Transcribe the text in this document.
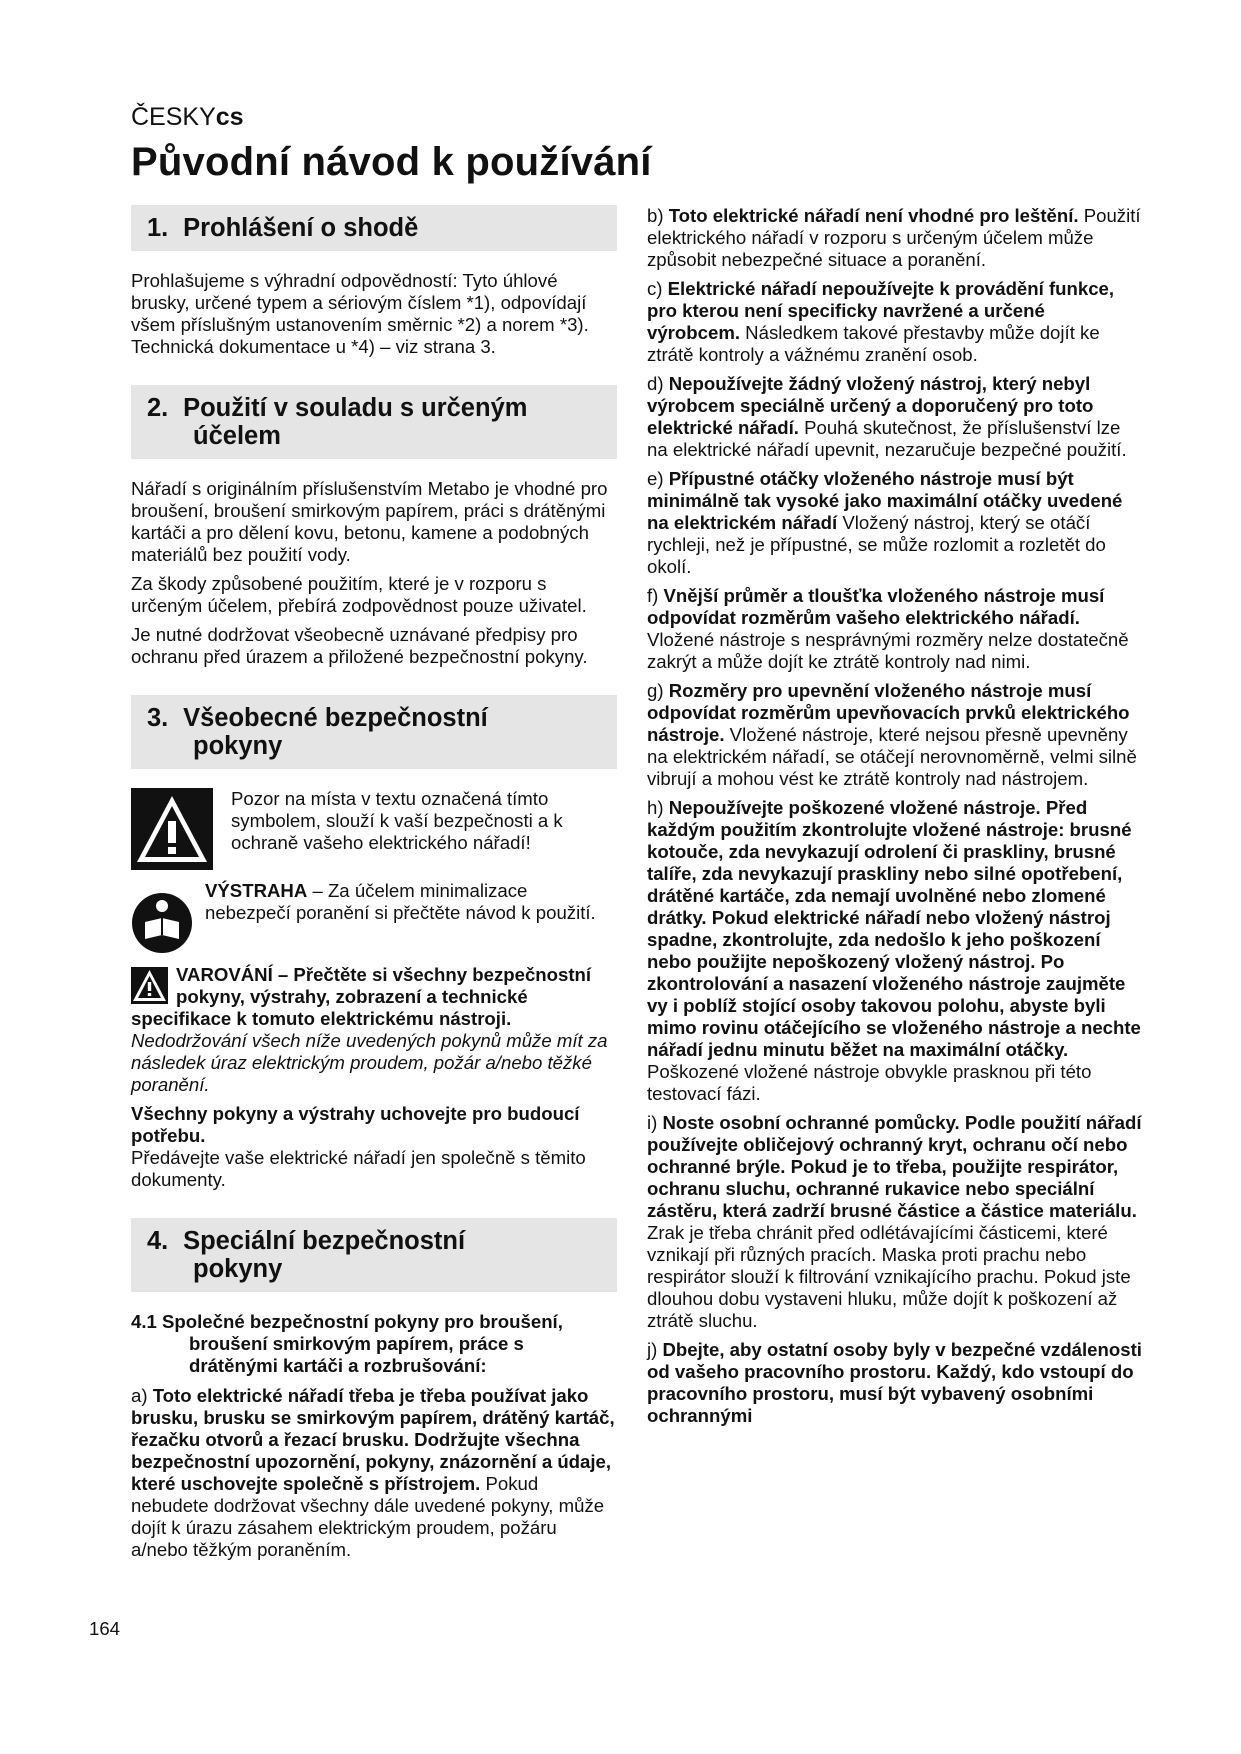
ČESKYcs
Původní návod k používání
1. Prohlášení o shodě

Prohlašujeme s výhradní odpovědností: Tyto úhlové brusky, určené typem a sériovým číslem *1), odpovídají všem příslušným ustanovením směrnic *2) a norem *3). Technická dokumentace u *4) – viz strana 3.

2. Použití v souladu s určeným
účelem

Nářadí s originálním příslušenstvím Metabo je vhodné pro broušení, broušení smirkovým papírem, práci s drátěnými kartáči a pro dělení kovu, betonu, kamene a podobných materiálů bez použití vody.

Za škody způsobené použitím, které je v rozporu s určeným účelem, přebírá zodpovědnost pouze uživatel.

Je nutné dodržovat všeobecně uznávané předpisy pro ochranu před úrazem a přiložené bezpečnostní pokyny.

3. Všeobecné bezpečnostní
pokyny
Pozor na místa v textu označená tímto symbolem, slouží k vaší bezpečnosti a k ochraně vašeho elektrického nářadí!
VÝSTRAHA – Za účelem minimalizace nebezpečí poranění si přečtěte návod k použití.

VAROVÁNÍ – Přečtěte si všechny bezpečnostní pokyny, výstrahy, zobrazení a technické specifikace k tomuto elektrickému nástroji. Nedodržování všech níže uvedených pokynů může mít za následek úraz elektrickým proudem, požár a/nebo těžké poranění.

Všechny pokyny a výstrahy uchovejte pro budoucí potřebu.
Předávejte vaše elektrické nářadí jen společně s těmito dokumenty.

4. Speciální bezpečnostní
pokyny

4.1 Společné bezpečnostní pokyny pro broušení, broušení smirkovým papírem, práce s drátěnými kartáči a rozbrušování:

a) Toto elektrické nářadí třeba je třeba používat jako brusku, brusku se smirkovým papírem, drátěný kartáč, řezačku otvorů a řezací brusku. Dodržujte všechna bezpečnostní upozornění, pokyny, znázornění a údaje, které uschovejte společně s přístrojem. Pokud nebudete dodržovat všechny dále uvedené pokyny, může dojít k úrazu zásahem elektrickým proudem, požáru a/nebo těžkým poraněním.

b) Toto elektrické nářadí není vhodné pro leštění. Použití elektrického nářadí v rozporu s určeným účelem může způsobit nebezpečné situace a poranění.

c) Elektrické nářadí nepoužívejte k provádění funkce, pro kterou není specificky navržené a určené výrobcem. Následkem takové přestavby může dojít ke ztrátě kontroly a vážnému zranění osob.

d) Nepoužívejte žádný vložený nástroj, který nebyl výrobcem speciálně určený a doporučený pro toto elektrické nářadí. Pouhá skutečnost, že příslušenství lze na elektrické nářadí upevnit, nezaručuje bezpečné použití.

e) Přípustné otáčky vloženého nástroje musí být minimálně tak vysoké jako maximální otáčky uvedené na elektrickém nářadí Vložený nástroj, který se otáčí rychleji, než je přípustné, se může rozlomit a rozletět do okolí.

f) Vnější průměr a tloušťka vloženého nástroje musí odpovídat rozměrům vašeho elektrického nářadí. Vložené nástroje s nesprávnými rozměry nelze dostatečně zakrýt a může dojít ke ztrátě kontroly nad nimi.

g) Rozměry pro upevnění vloženého nástroje musí odpovídat rozměrům upevňovacích prvků elektrického nástroje. Vložené nástroje, které nejsou přesně upevněny na elektrickém nářadí, se otáčejí nerovnoměrně, velmi silně vibrují a mohou vést ke ztrátě kontroly nad nástrojem.

h) Nepoužívejte poškozené vložené nástroje. Před každým použitím zkontrolujte vložené nástroje: brusné kotouče, zda nevykazují odrolení či praskliny, brusné talíře, zda nevykazují praskliny nebo silné opotřebení, drátěné kartáče, zda nemají uvolněné nebo zlomené drátky. Pokud elektrické nářadí nebo vložený nástroj spadne, zkontrolujte, zda nedošlo k jeho poškození nebo použijte nepoškozený vložený nástroj. Po zkontrolování a nasazení vloženého nástroje zaujměte vy i poblíž stojící osoby takovou polohu, abyste byli mimo rovinu otáčejícího se vloženého nástroje a nechte nářadí jednu minutu běžet na maximální otáčky. Poškozené vložené nástroje obvykle prasknou při této testovací fázi.

i) Noste osobní ochranné pomůcky. Podle použití nářadí používejte obličejový ochranný kryt, ochranu očí nebo ochranné brýle. Pokud je to třeba, použijte respirátor, ochranu sluchu, ochranné rukavice nebo speciální zástěru, která zadrží brusné částice a částice materiálu. Zrak je třeba chránit před odlétávajícími částicemi, které vznikají při různých pracích. Maska proti prachu nebo respirátor slouží k filtrování vznikajícího prachu. Pokud jste dlouhou dobu vystaveni hluku, může dojít k poškození až ztrátě sluchu.

j) Dbejte, aby ostatní osoby byly v bezpečné vzdálenosti od vašeho pracovního prostoru. Každý, kdo vstoupí do pracovního prostoru, musí být vybavený osobními ochrannými

164
